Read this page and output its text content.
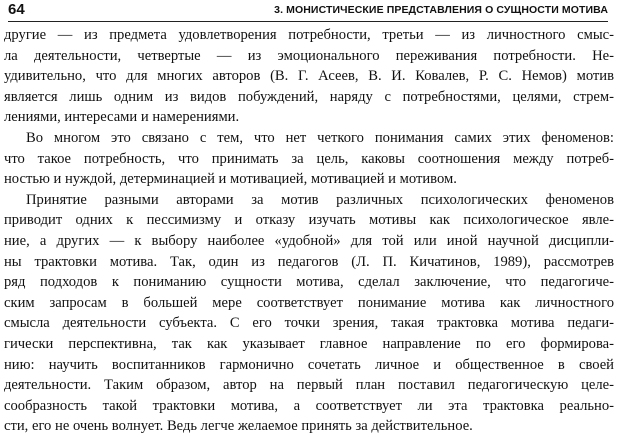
64	3. МОНИСТИЧЕСКИЕ ПРЕДСТАВЛЕНИЯ О СУЩНОСТИ МОТИВА
другие — из предмета удовлетворения потребности, третьи — из личностного смыс-
ла деятельности, четвертые — из эмоционального переживания потребности. Не-
удивительно, что для многих авторов (В. Г. Асеев, В. И. Ковалев, Р. С. Немов) мотив
является лишь одним из видов побуждений, наряду с потребностями, целями, стрем-
лениями, интересами и намерениями.
Во многом это связано с тем, что нет четкого понимания самих этих феноменов:
что такое потребность, что принимать за цель, каковы соотношения между потреб-
ностью и нуждой, детерминацией и мотивацией, мотивацией и мотивом.
Принятие разными авторами за мотив различных психологических феноменов
приводит одних к пессимизму и отказу изучать мотивы как психологическое явле-
ние, а других — к выбору наиболее «удобной» для той или иной научной дисципли-
ны трактовки мотива. Так, один из педагогов (Л. П. Кичатинов, 1989), рассмотрев
ряд подходов к пониманию сущности мотива, сделал заключение, что педагогиче-
ским запросам в большей мере соответствует понимание мотива как личностного
смысла деятельности субъекта. С его точки зрения, такая трактовка мотива педаги-
гически перспективна, так как указывает главное направление по его формирова-
нию: научить воспитанников гармонично сочетать личное и общественное в своей
деятельности. Таким образом, автор на первый план поставил педагогическую целе-
сообразность такой трактовки мотива, а соответствует ли эта трактовка реально-
сти, его не очень волнует. Ведь легче желаемое принять за действительное.
